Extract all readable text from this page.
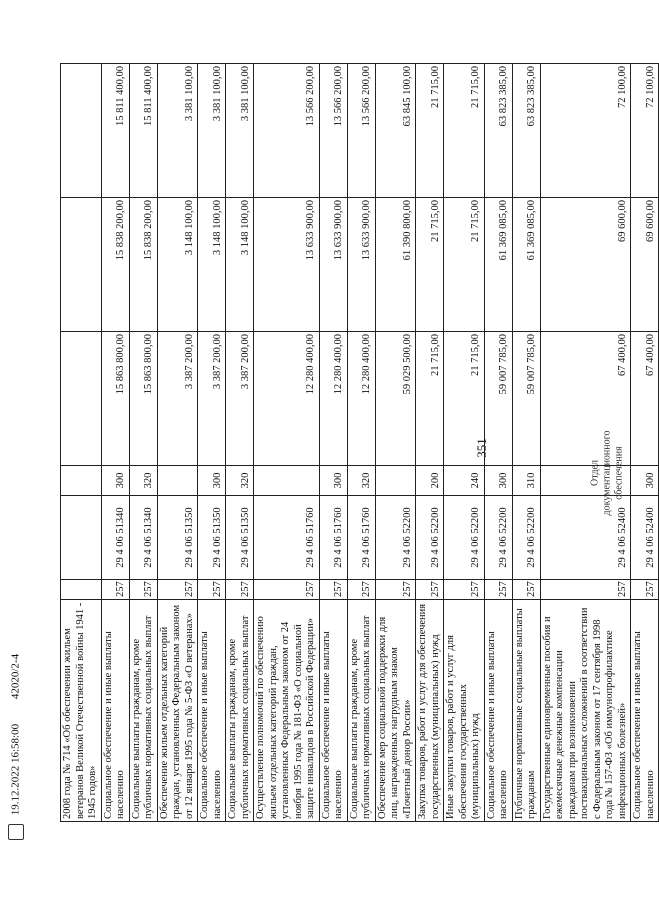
351
2008 года № 714 «Об обеспечении жильем ветеранов Великой Отечественной войны 1941 - 1945 годов»						
Социальное обеспечение и иные выплаты населению	257	29 4 06 51340	300	15 863 800,00	15 838 200,00	15 811 400,00
Социальные выплаты гражданам, кроме публичных нормативных социальных выплат	257	29 4 06 51340	320	15 863 800,00	15 838 200,00	15 811 400,00
Обеспечение жильем отдельных категорий граждан, установленных Федеральным законом от 12 января 1995 года № 5-ФЗ «О ветеранах»	257	29 4 06 51350		3 387 200,00	3 148 100,00	3 381 100,00
Социальное обеспечение и иные выплаты населению	257	29 4 06 51350	300	3 387 200,00	3 148 100,00	3 381 100,00
Социальные выплаты гражданам, кроме публичных нормативных социальных выплат	257	29 4 06 51350	320	3 387 200,00	3 148 100,00	3 381 100,00
Осуществление полномочий по обеспечению жильем отдельных категорий граждан, установленных Федеральным законом от 24 ноября 1995 года № 181-ФЗ «О социальной защите инвалидов в Российской Федерации»	257	29 4 06 51760		12 280 400,00	13 633 900,00	13 566 200,00
Социальное обеспечение и иные выплаты населению	257	29 4 06 51760	300	12 280 400,00	13 633 900,00	13 566 200,00
Социальные выплаты гражданам, кроме публичных нормативных социальных выплат	257	29 4 06 51760	320	12 280 400,00	13 633 900,00	13 566 200,00
Обеспечение мер социальной поддержки для лиц, награжденных нагрудным знаком «Почетный донор России»	257	29 4 06 52200		59 029 500,00	61 390 800,00	63 845 100,00
Закупка товаров, работ и услуг для обеспечения государственных (муниципальных) нужд	257	29 4 06 52200	200	21 715,00	21 715,00	21 715,00
Иные закупки товаров, работ и услуг для обеспечения государственных (муниципальных) нужд	257	29 4 06 52200	240	21 715,00	21 715,00	21 715,00
Социальное обеспечение и иные выплаты населению	257	29 4 06 52200	300	59 007 785,00	61 369 085,00	63 823 385,00
Публичные нормативные социальные выплаты гражданам	257	29 4 06 52200	310	59 007 785,00	61 369 085,00	63 823 385,00
Государственные единовременные пособия и ежемесячные денежные компенсации гражданам при возникновении поствакцинальных осложнений в соответствии с Федеральным законом от 17 сентября 1998 года № 157-ФЗ «Об иммунопрофилактике инфекционных болезней»	257	29 4 06 52400		67 400,00	69 600,00	72 100,00
Социальное обеспечение и иные выплаты населению	257	29 4 06 52400	300	67 400,00	69 600,00	72 100,00
Отдел документационного обеспечения
19.12.2022 16:58:00         42020/2-4
